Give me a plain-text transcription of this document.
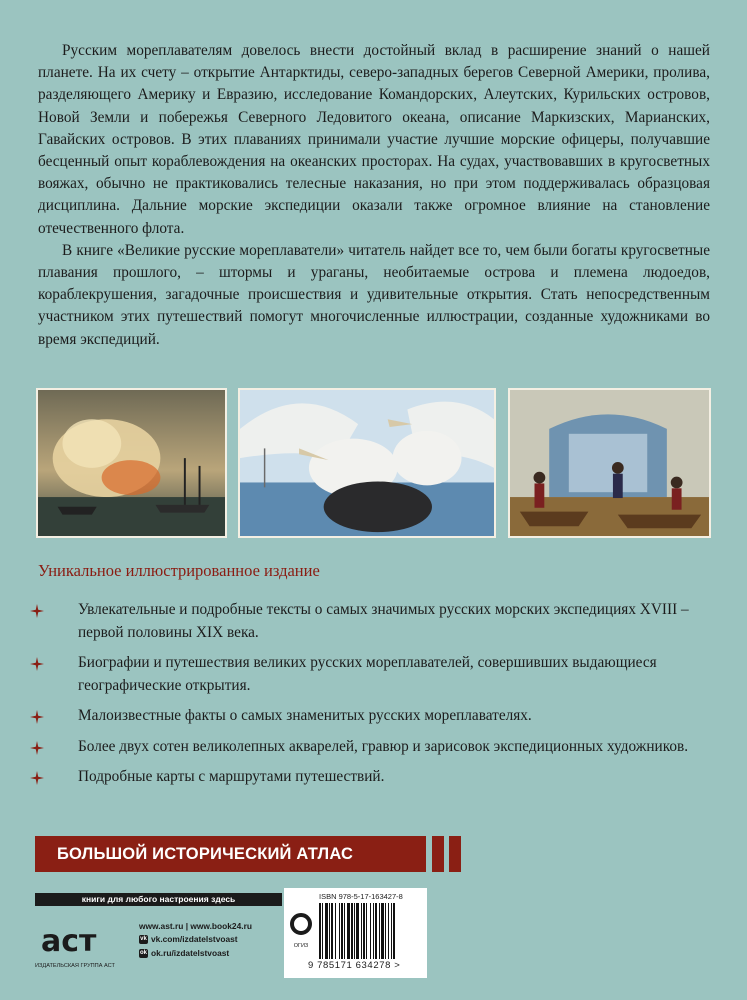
Русским мореплавателям довелось внести достойный вклад в расширение знаний о нашей планете. На их счету – открытие Антарктиды, северо-западных берегов Северной Америки, пролива, разделяющего Америку и Евразию, исследование Командорских, Алеутских, Курильских островов, Новой Земли и побережья Северного Ледовитого океана, описание Маркизских, Марианских, Гавайских островов. В этих плаваниях принимали участие лучшие морские офицеры, получавшие бесценный опыт кораблевождения на океанских просторах. На судах, участвовавших в кругосветных вояжах, обычно не практиковались телесные наказания, но при этом поддерживалась образцовая дисциплина. Дальние морские экспедиции оказали также огромное влияние на становление отечественного флота.

В книге «Великие русские мореплаватели» читатель найдет все то, чем были богаты кругосветные плавания прошлого, – штормы и ураганы, необитаемые острова и племена людоедов, кораблекрушения, загадочные происшествия и удивительные открытия. Стать непосредственным участником этих путешествий помогут многочисленные иллюстрации, созданные художниками во время экспедиций.

Уникальное иллюстрированное издание
Увлекательные и подробные тексты о самых значимых русских морских экспедициях XVIII – первой половины XIX века.
Биографии и путешествия великих русских мореплавателей, совершивших выдающиеся географические открытия.
Малоизвестные факты о самых знаменитых русских мореплавателях.
Более двух сотен великолепных акварелей, гравюр и зарисовок экспедиционных художников.
Подробные карты с маршрутами путешествий.
БОЛЬШОЙ ИСТОРИЧЕСКИЙ АТЛАС
книги для любого настроения здесь
аст
ИЗДАТЕЛЬСКАЯ ГРУППА АСТ
www.ast.ru | www.book24.ru
vk vk.com/izdatelstvoast
ok ok.ru/izdatelstvoast
ОГИЗ
ISBN 978-5-17-163427-8
9 785171 634278 >
